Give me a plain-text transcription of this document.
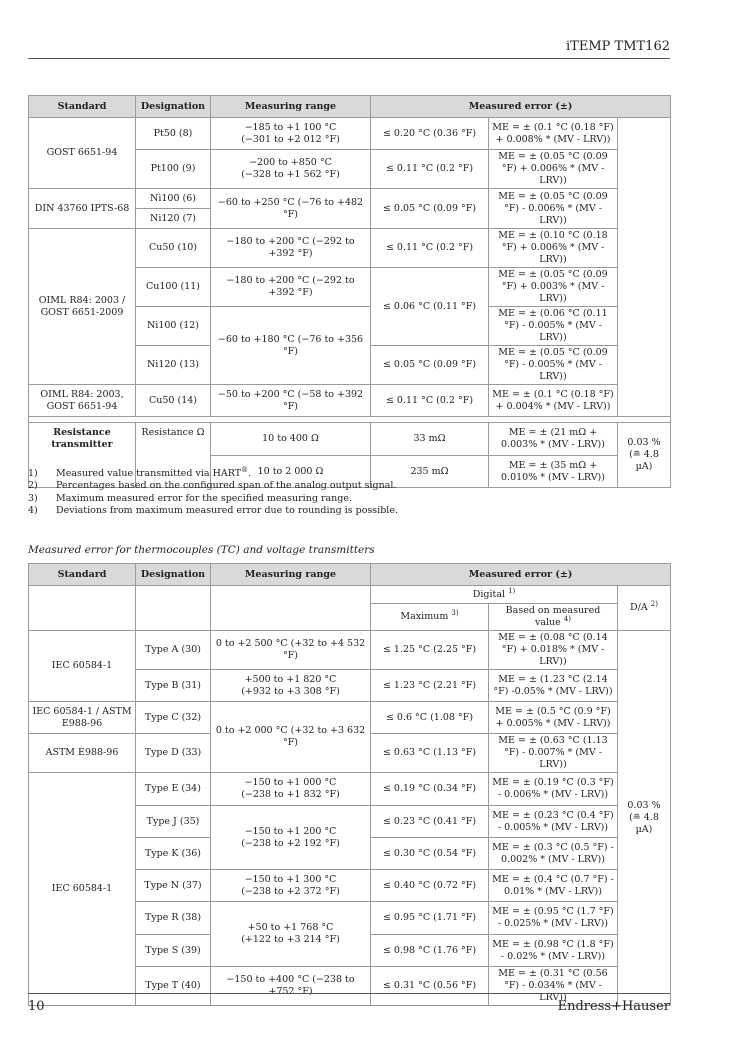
iTEMP TMT162
Standard	Designation	Measuring range	Measured error (±)		
GOST 6651-94	Pt50 (8)	−185 to +1 100 °C
(−301 to +2 012 °F)	≤ 0.20 °C (0.36 °F)	ME = ± (0.1 °C (0.18 °F) + 0.008% * (MV - LRV))	
	Pt100 (9)	−200 to +850 °C
(−328 to +1 562 °F)	≤ 0.11 °C (0.2 °F)	ME = ± (0.05 °C (0.09 °F) + 0.006% * (MV - LRV))	
DIN 43760 IPTS-68	Ni100 (6)	−60 to +250 °C (−76 to +482 °F)	≤ 0.05 °C (0.09 °F)	ME = ± (0.05 °C (0.09 °F) - 0.006% * (MV - LRV))	
	Ni120 (7)				
OIML R84: 2003 /
GOST 6651-2009	Cu50 (10)	−180 to +200 °C (−292 to +392 °F)	≤ 0.11 °C (0.2 °F)	ME = ± (0.10 °C (0.18 °F) + 0.006% * (MV - LRV))	
	Cu100 (11)	−180 to +200 °C (−292 to +392 °F)	≤ 0.06 °C (0.11 °F)	ME = ± (0.05 °C (0.09 °F) + 0.003% * (MV - LRV))	
	Ni100 (12)	−60 to +180 °C (−76 to +356 °F)		ME = ± (0.06 °C (0.11 °F) - 0.005% * (MV - LRV))	
	Ni120 (13)		≤ 0.05 °C (0.09 °F)	ME = ± (0.05 °C (0.09 °F) - 0.005% * (MV - LRV))	
OIML R84: 2003, GOST 6651-94	Cu50 (14)	−50 to +200 °C (−58 to +392 °F)	≤ 0.11 °C (0.2 °F)	ME = ± (0.1 °C (0.18 °F) + 0.004% * (MV - LRV))	

Resistance transmitter	Resistance Ω	10 to 400 Ω	33 mΩ	ME = ± (21 mΩ + 0.003% * (MV - LRV))	0.03 % (≘ 4.8 µA)
		10 to 2 000 Ω	235 mΩ	ME = ± (35 mΩ + 0.010% * (MV - LRV))	
1)	Measured value transmitted via HART®.
2)	Percentages based on the configured span of the analog output signal.
3)	Maximum measured error for the specified measuring range.
4)	Deviations from maximum measured error due to rounding is possible.
Measured error for thermocouples (TC) and voltage transmitters
Standard	Designation	Measuring range	Measured error (±)		
			Digital $^{1)}$		D/A $^{2)}$
			Maximum $^{3)}$	Based on measured value $^{4)}$
IEC 60584-1	Type A (30)	0 to +2 500 °C (+32 to +4 532 °F)	≤ 1.25 °C (2.25 °F)	ME = ± (0.08 °C (0.14 °F) + 0.018% * (MV - LRV))	0.03 % (≘ 4.8 µA)
	Type B (31)	+500 to +1 820 °C
(+932 to +3 308 °F)	≤ 1.23 °C (2.21 °F)	ME = ± (1.23 °C (2.14 °F) -0.05% * (MV - LRV))	
IEC 60584-1 / ASTM E988-96	Type C (32)	0 to +2 000 °C (+32 to +3 632 °F)	≤ 0.6 °C (1.08 °F)	ME = ± (0.5 °C (0.9 °F) + 0.005% * (MV - LRV))	
ASTM E988-96	Type D (33)		≤ 0.63 °C (1.13 °F)	ME = ± (0.63 °C (1.13 °F) - 0.007% * (MV - LRV))	
IEC 60584-1	Type E (34)	−150 to +1 000 °C
(−238 to +1 832 °F)	≤ 0.19 °C (0.34 °F)	ME = ± (0.19 °C (0.3 °F) - 0.006% * (MV - LRV))	
	Type J (35)	−150 to +1 200 °C
(−238 to +2 192 °F)	≤ 0.23 °C (0.41 °F)	ME = ± (0.23 °C (0.4 °F) - 0.005% * (MV - LRV))	
	Type K (36)		≤ 0.30 °C (0.54 °F)	ME = ± (0.3 °C (0.5 °F) - 0.002% * (MV - LRV))	
	Type N (37)	−150 to +1 300 °C
(−238 to +2 372 °F)	≤ 0.40 °C (0.72 °F)	ME = ± (0.4 °C (0.7 °F) - 0.01% * (MV - LRV))	
	Type R (38)	+50 to +1 768 °C
(+122 to +3 214 °F)	≤ 0.95 °C (1.71 °F)	ME = ± (0.95 °C (1.7 °F) - 0.025% * (MV - LRV))	
	Type S (39)		≤ 0.98 °C (1.76 °F)	ME = ± (0.98 °C (1.8 °F) - 0.02% * (MV - LRV))	
	Type T (40)	−150 to +400 °C (−238 to +752 °F)	≤ 0.31 °C (0.56 °F)	ME = ± (0.31 °C (0.56 °F) - 0.034% * (MV - LRV))	
10	Endress+Hauser
